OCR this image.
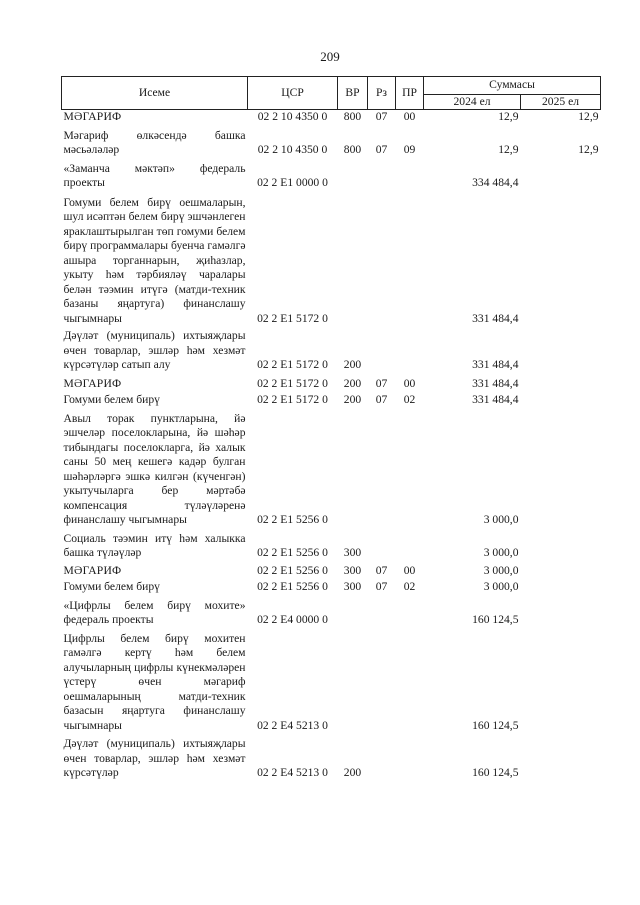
209
Исеме	ЦСР	ВР	Рз	ПР	Суммасы	
					2024 ел	2025 ел
МӘГАРИФ	02 2 10 4350 0	800	07	00	12,9	12,9
Мәгариф өлкәсендә башка мәсьәләләр	02 2 10 4350 0	800	07	09	12,9	12,9
«Заманча мәктәп» федераль проекты	02 2 E1 0000 0				334 484,4	
Гомуми белем бирү оешмаларын, шул исәптән белем бирү эшчәнлеген яраклаштырылган төп гомуми белем бирү программалары буенча гамәлгә ашыра торганнарын, җиһазлар, укыту һәм тәрбияләү чаралары белән тәэмин итүгә (матди-техник базаны яңартуга) финанслашу чыгымнары	02 2 E1 5172 0				331 484,4	
Дәүләт (муниципаль) ихтыяҗлары өчен товарлар, эшләр һәм хезмәт күрсәтүләр сатып алу	02 2 E1 5172 0	200			331 484,4	
МӘГАРИФ	02 2 E1 5172 0	200	07	00	331 484,4	
Гомуми белем бирү	02 2 E1 5172 0	200	07	02	331 484,4	
Авыл торак пунктларына, йә эшчеләр поселокларына, йә шәһәр тибындагы поселокларга, йә халык саны 50 мең кешегә кадәр булган шәһәрләргә эшкә килгән (күченгән) укытучыларга бер мәртәбә компенсация түләүләренә финанслашу чыгымнары	02 2 E1 5256 0				3 000,0	
Социаль тәэмин итү һәм халыкка башка түләүләр	02 2 E1 5256 0	300			3 000,0	
МӘГАРИФ	02 2 E1 5256 0	300	07	00	3 000,0	
Гомуми белем бирү	02 2 E1 5256 0	300	07	02	3 000,0	
«Цифрлы белем бирү мохите» федераль проекты	02 2 E4 0000 0				160 124,5	
Цифрлы белем бирү мохитен гамәлгә кертү һәм белем алучыларның цифрлы күнекмәләрен үстерү өчен мәгариф оешмаларының матди-техник базасын яңартуга финанслашу чыгымнары	02 2 E4 5213 0				160 124,5	
Дәүләт (муниципаль) ихтыяҗлары өчен товарлар, эшләр һәм хезмәт күрсәтүләр	02 2 E4 5213 0	200			160 124,5	
